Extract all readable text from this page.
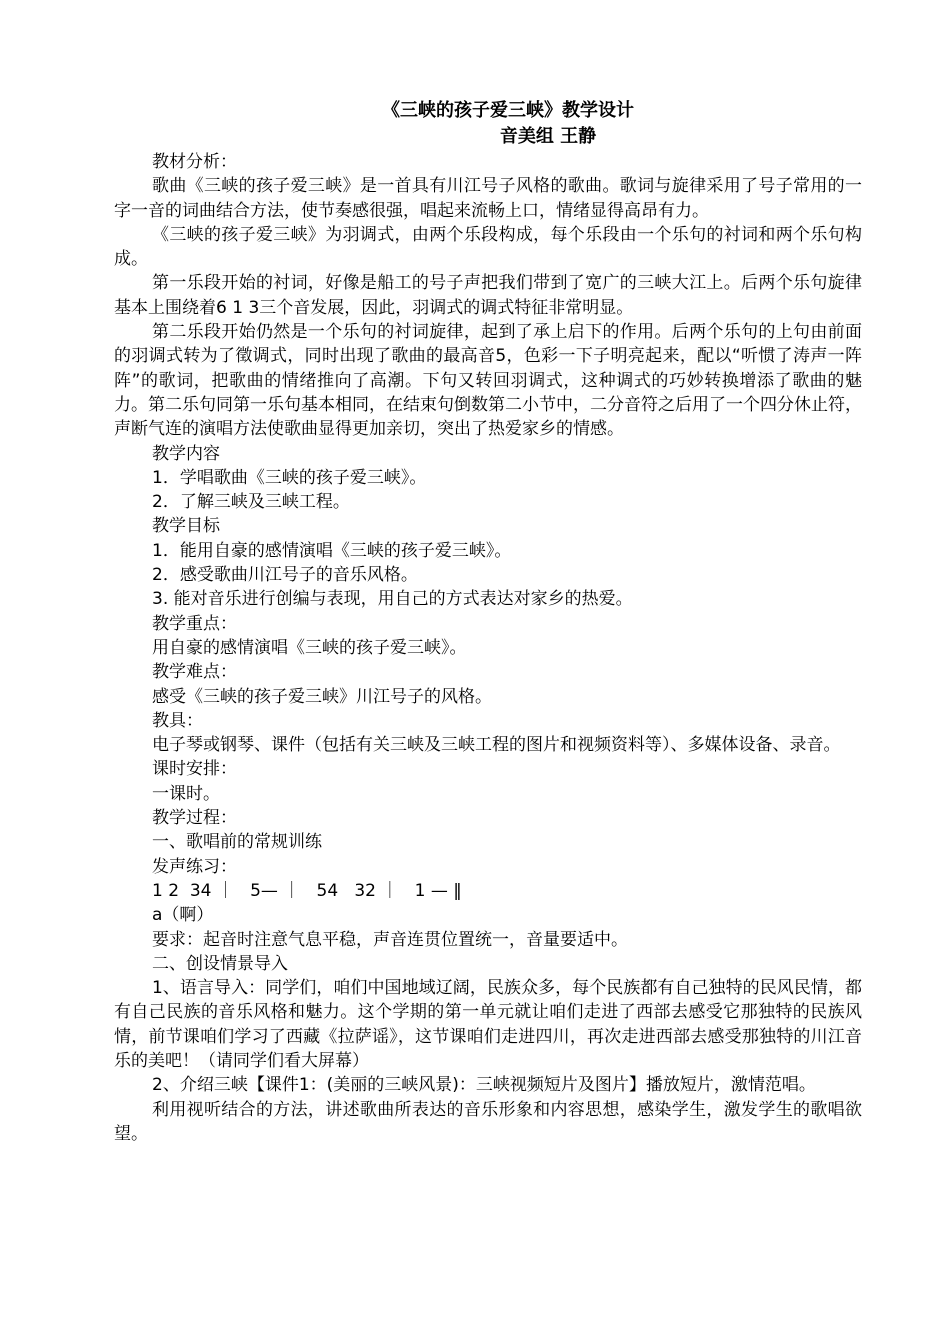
《三峡的孩子爱三峡》教学设计
音美组 王静

教材分析：

歌曲《三峡的孩子爱三峡》是一首具有川江号子风格的歌曲。歌词与旋律采用了号子常用的一字一音的词曲结合方法，使节奏感很强，唱起来流畅上口，情绪显得高昂有力。

《三峡的孩子爱三峡》为羽调式，由两个乐段构成，每个乐段由一个乐句的衬词和两个乐句构成。

第一乐段开始的衬词，好像是船工的号子声把我们带到了宽广的三峡大江上。后两个乐句旋律基本上围绕着6 1 3三个音发展，因此，羽调式的调式特征非常明显。

第二乐段开始仍然是一个乐句的衬词旋律，起到了承上启下的作用。后两个乐句的上句由前面的羽调式转为了徵调式，同时出现了歌曲的最高音5，色彩一下子明亮起来，配以“听惯了涛声一阵阵”的歌词，把歌曲的情绪推向了高潮。下句又转回羽调式，这种调式的巧妙转换增添了歌曲的魅力。第二乐句同第一乐句基本相同，在结束句倒数第二小节中，二分音符之后用了一个四分休止符，声断气连的演唱方法使歌曲显得更加亲切，突出了热爱家乡的情感。

教学内容

1．学唱歌曲《三峡的孩子爱三峡》。

2．了解三峡及三峡工程。

教学目标

1．能用自豪的感情演唱《三峡的孩子爱三峡》。

2．感受歌曲川江号子的音乐风格。

3. 能对音乐进行创编与表现，用自己的方式表达对家乡的热爱。

教学重点：

用自豪的感情演唱《三峡的孩子爱三峡》。

教学难点：

感受《三峡的孩子爱三峡》川江号子的风格。

教具：

电子琴或钢琴、课件（包括有关三峡及三峡工程的图片和视频资料等）、多媒体设备、录音。

课时安排：

一课时。

教学过程：

一、歌唱前的常规训练

发声练习：

1 2  34 ｜   5— ｜   54   32 ｜   1 — ‖

a（啊）

要求：起音时注意气息平稳，声音连贯位置统一，音量要适中。

二、创设情景导入

1、语言导入：同学们，咱们中国地域辽阔，民族众多，每个民族都有自己独特的民风民情，都有自己民族的音乐风格和魅力。这个学期的第一单元就让咱们走进了西部去感受它那独特的民族风情，前节课咱们学习了西藏《拉萨谣》，这节课咱们走进四川，再次走进西部去感受那独特的川江音乐的美吧！（请同学们看大屏幕）

2、介绍三峡【课件1：(美丽的三峡风景)：三峡视频短片及图片】播放短片，激情范唱。

利用视听结合的方法，讲述歌曲所表达的音乐形象和内容思想，感染学生，激发学生的歌唱欲望。
